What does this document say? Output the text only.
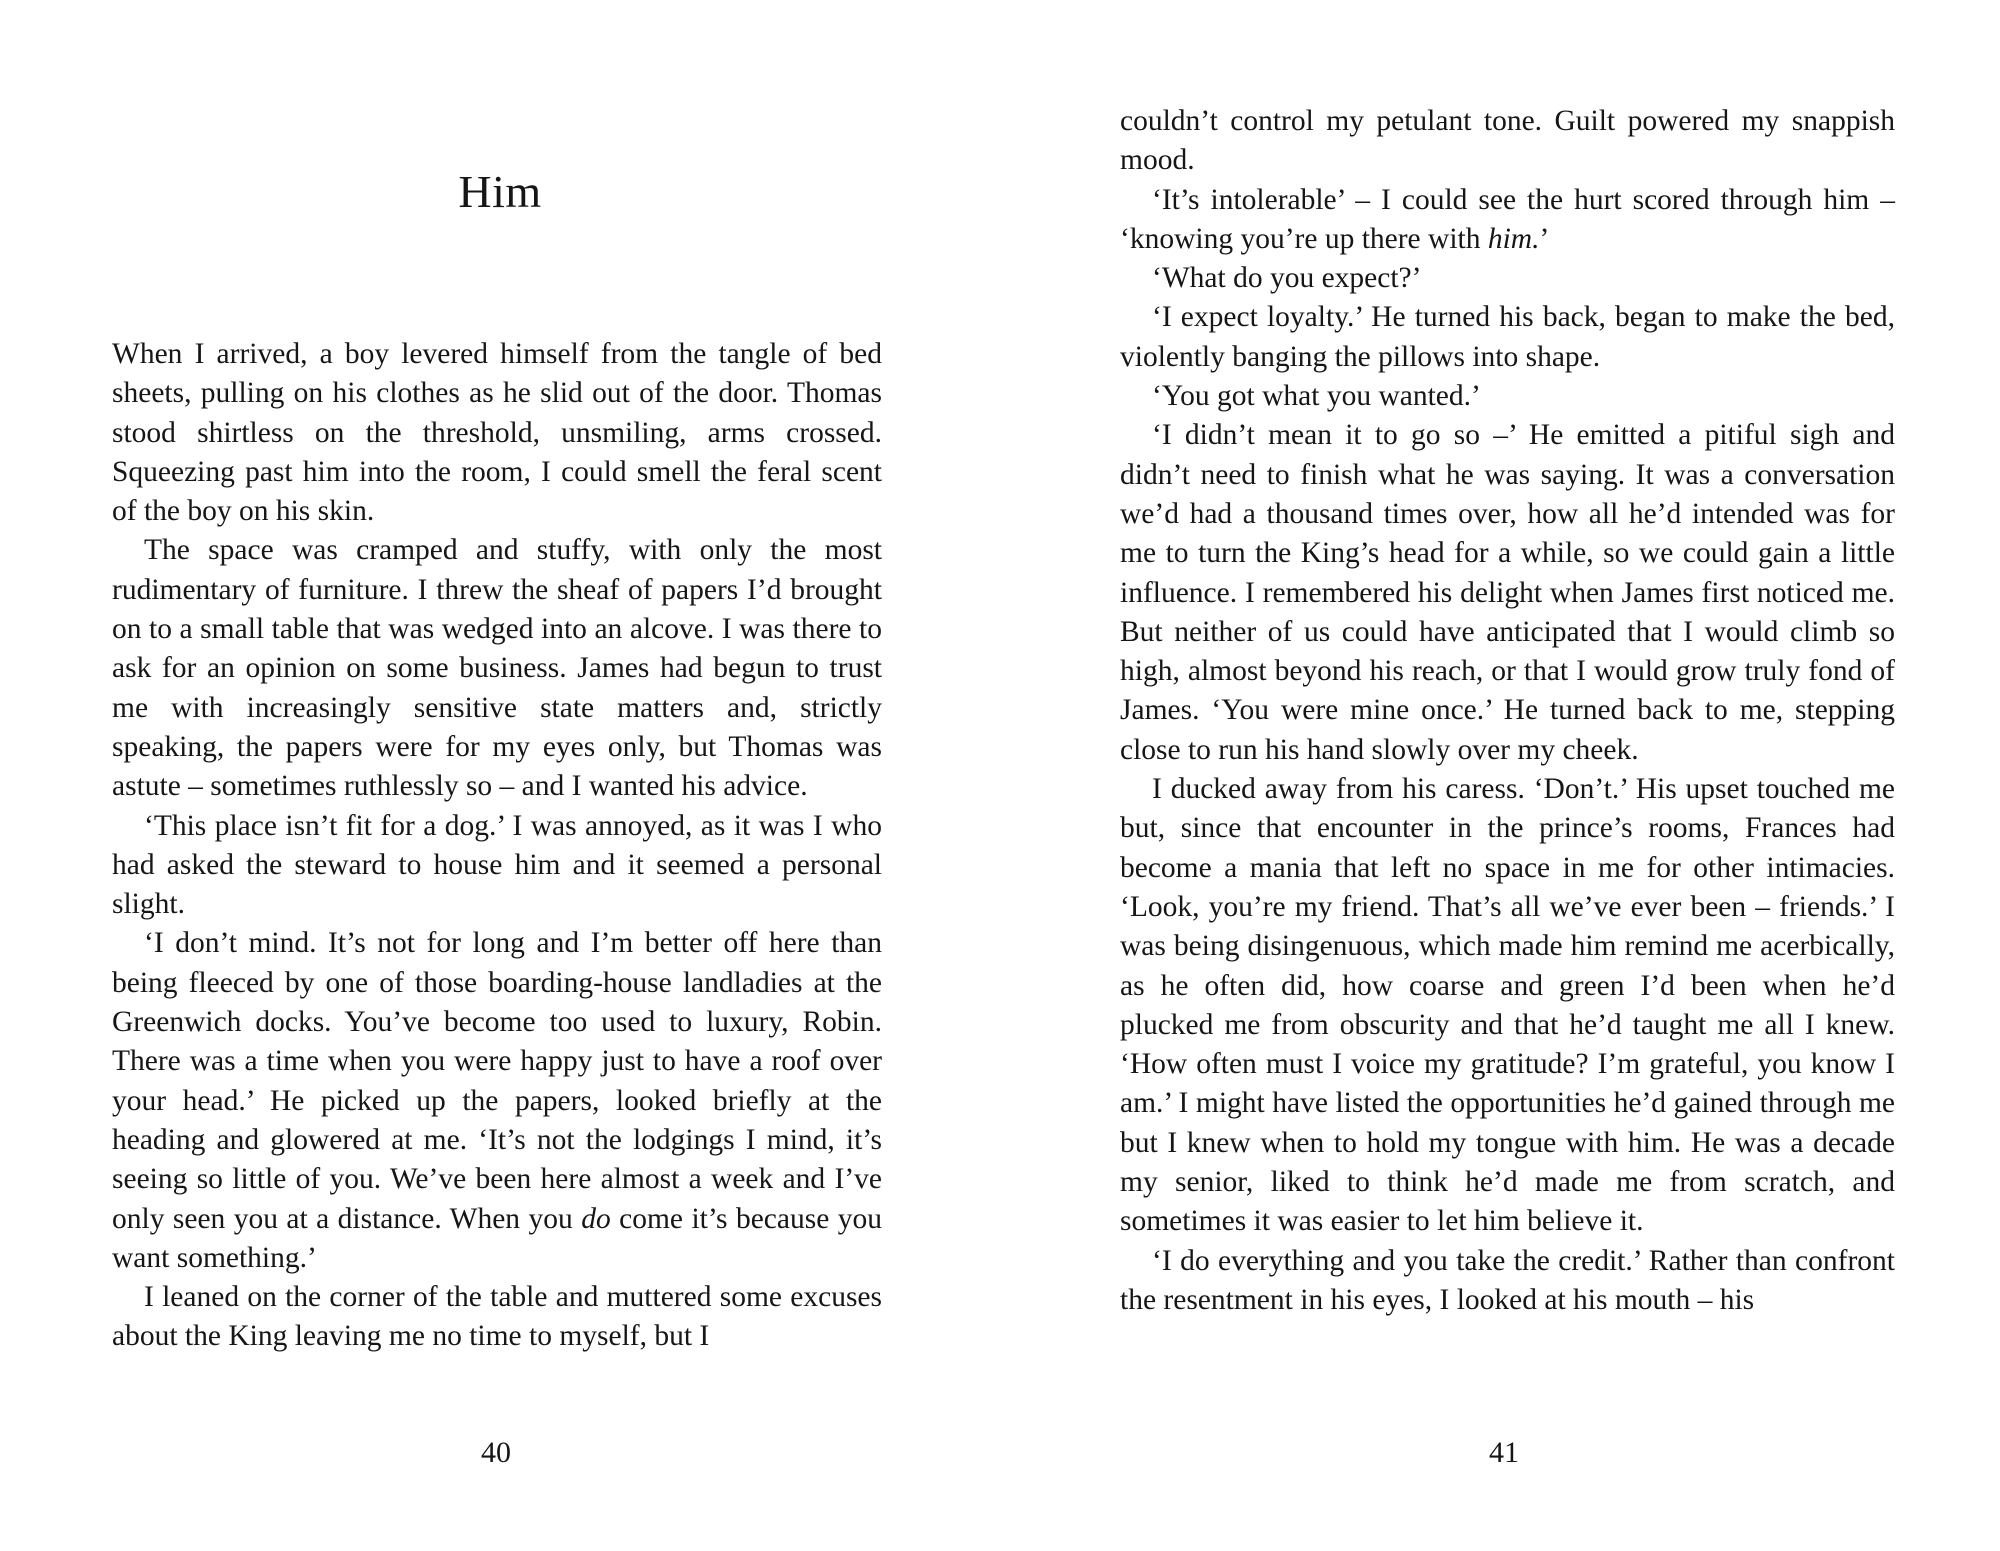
Him

When I arrived, a boy levered himself from the tangle of bed sheets, pulling on his clothes as he slid out of the door. Thomas stood shirtless on the threshold, unsmiling, arms crossed. Squeezing past him into the room, I could smell the feral scent of the boy on his skin.

The space was cramped and stuffy, with only the most rudimentary of furniture. I threw the sheaf of papers I’d brought on to a small table that was wedged into an alcove. I was there to ask for an opinion on some business. James had begun to trust me with increasingly sensitive state matters and, strictly speaking, the papers were for my eyes only, but Thomas was astute – sometimes ruthlessly so – and I wanted his advice.

‘This place isn’t fit for a dog.’ I was annoyed, as it was I who had asked the steward to house him and it seemed a personal slight.

‘I don’t mind. It’s not for long and I’m better off here than being fleeced by one of those boarding-house landladies at the Greenwich docks. You’ve become too used to luxury, Robin. There was a time when you were happy just to have a roof over your head.’ He picked up the papers, looked briefly at the heading and glowered at me. ‘It’s not the lodgings I mind, it’s seeing so little of you. We’ve been here almost a week and I’ve only seen you at a distance. When you do come it’s because you want something.’

I leaned on the corner of the table and muttered some excuses about the King leaving me no time to myself, but I

40

couldn’t control my petulant tone. Guilt powered my snappish mood.

‘It’s intolerable’ – I could see the hurt scored through him – ‘knowing you’re up there with him.’

‘What do you expect?’

‘I expect loyalty.’ He turned his back, began to make the bed, violently banging the pillows into shape.

‘You got what you wanted.’

‘I didn’t mean it to go so –’ He emitted a pitiful sigh and didn’t need to finish what he was saying. It was a conversation we’d had a thousand times over, how all he’d intended was for me to turn the King’s head for a while, so we could gain a little influence. I remembered his delight when James first noticed me. But neither of us could have anticipated that I would climb so high, almost beyond his reach, or that I would grow truly fond of James. ‘You were mine once.’ He turned back to me, stepping close to run his hand slowly over my cheek.

I ducked away from his caress. ‘Don’t.’ His upset touched me but, since that encounter in the prince’s rooms, Frances had become a mania that left no space in me for other intimacies. ‘Look, you’re my friend. That’s all we’ve ever been – friends.’ I was being disingenuous, which made him remind me acerbically, as he often did, how coarse and green I’d been when he’d plucked me from obscurity and that he’d taught me all I knew. ‘How often must I voice my gratitude? I’m grateful, you know I am.’ I might have listed the opportunities he’d gained through me but I knew when to hold my tongue with him. He was a decade my senior, liked to think he’d made me from scratch, and sometimes it was easier to let him believe it.

‘I do everything and you take the credit.’ Rather than confront the resentment in his eyes, I looked at his mouth – his

41
